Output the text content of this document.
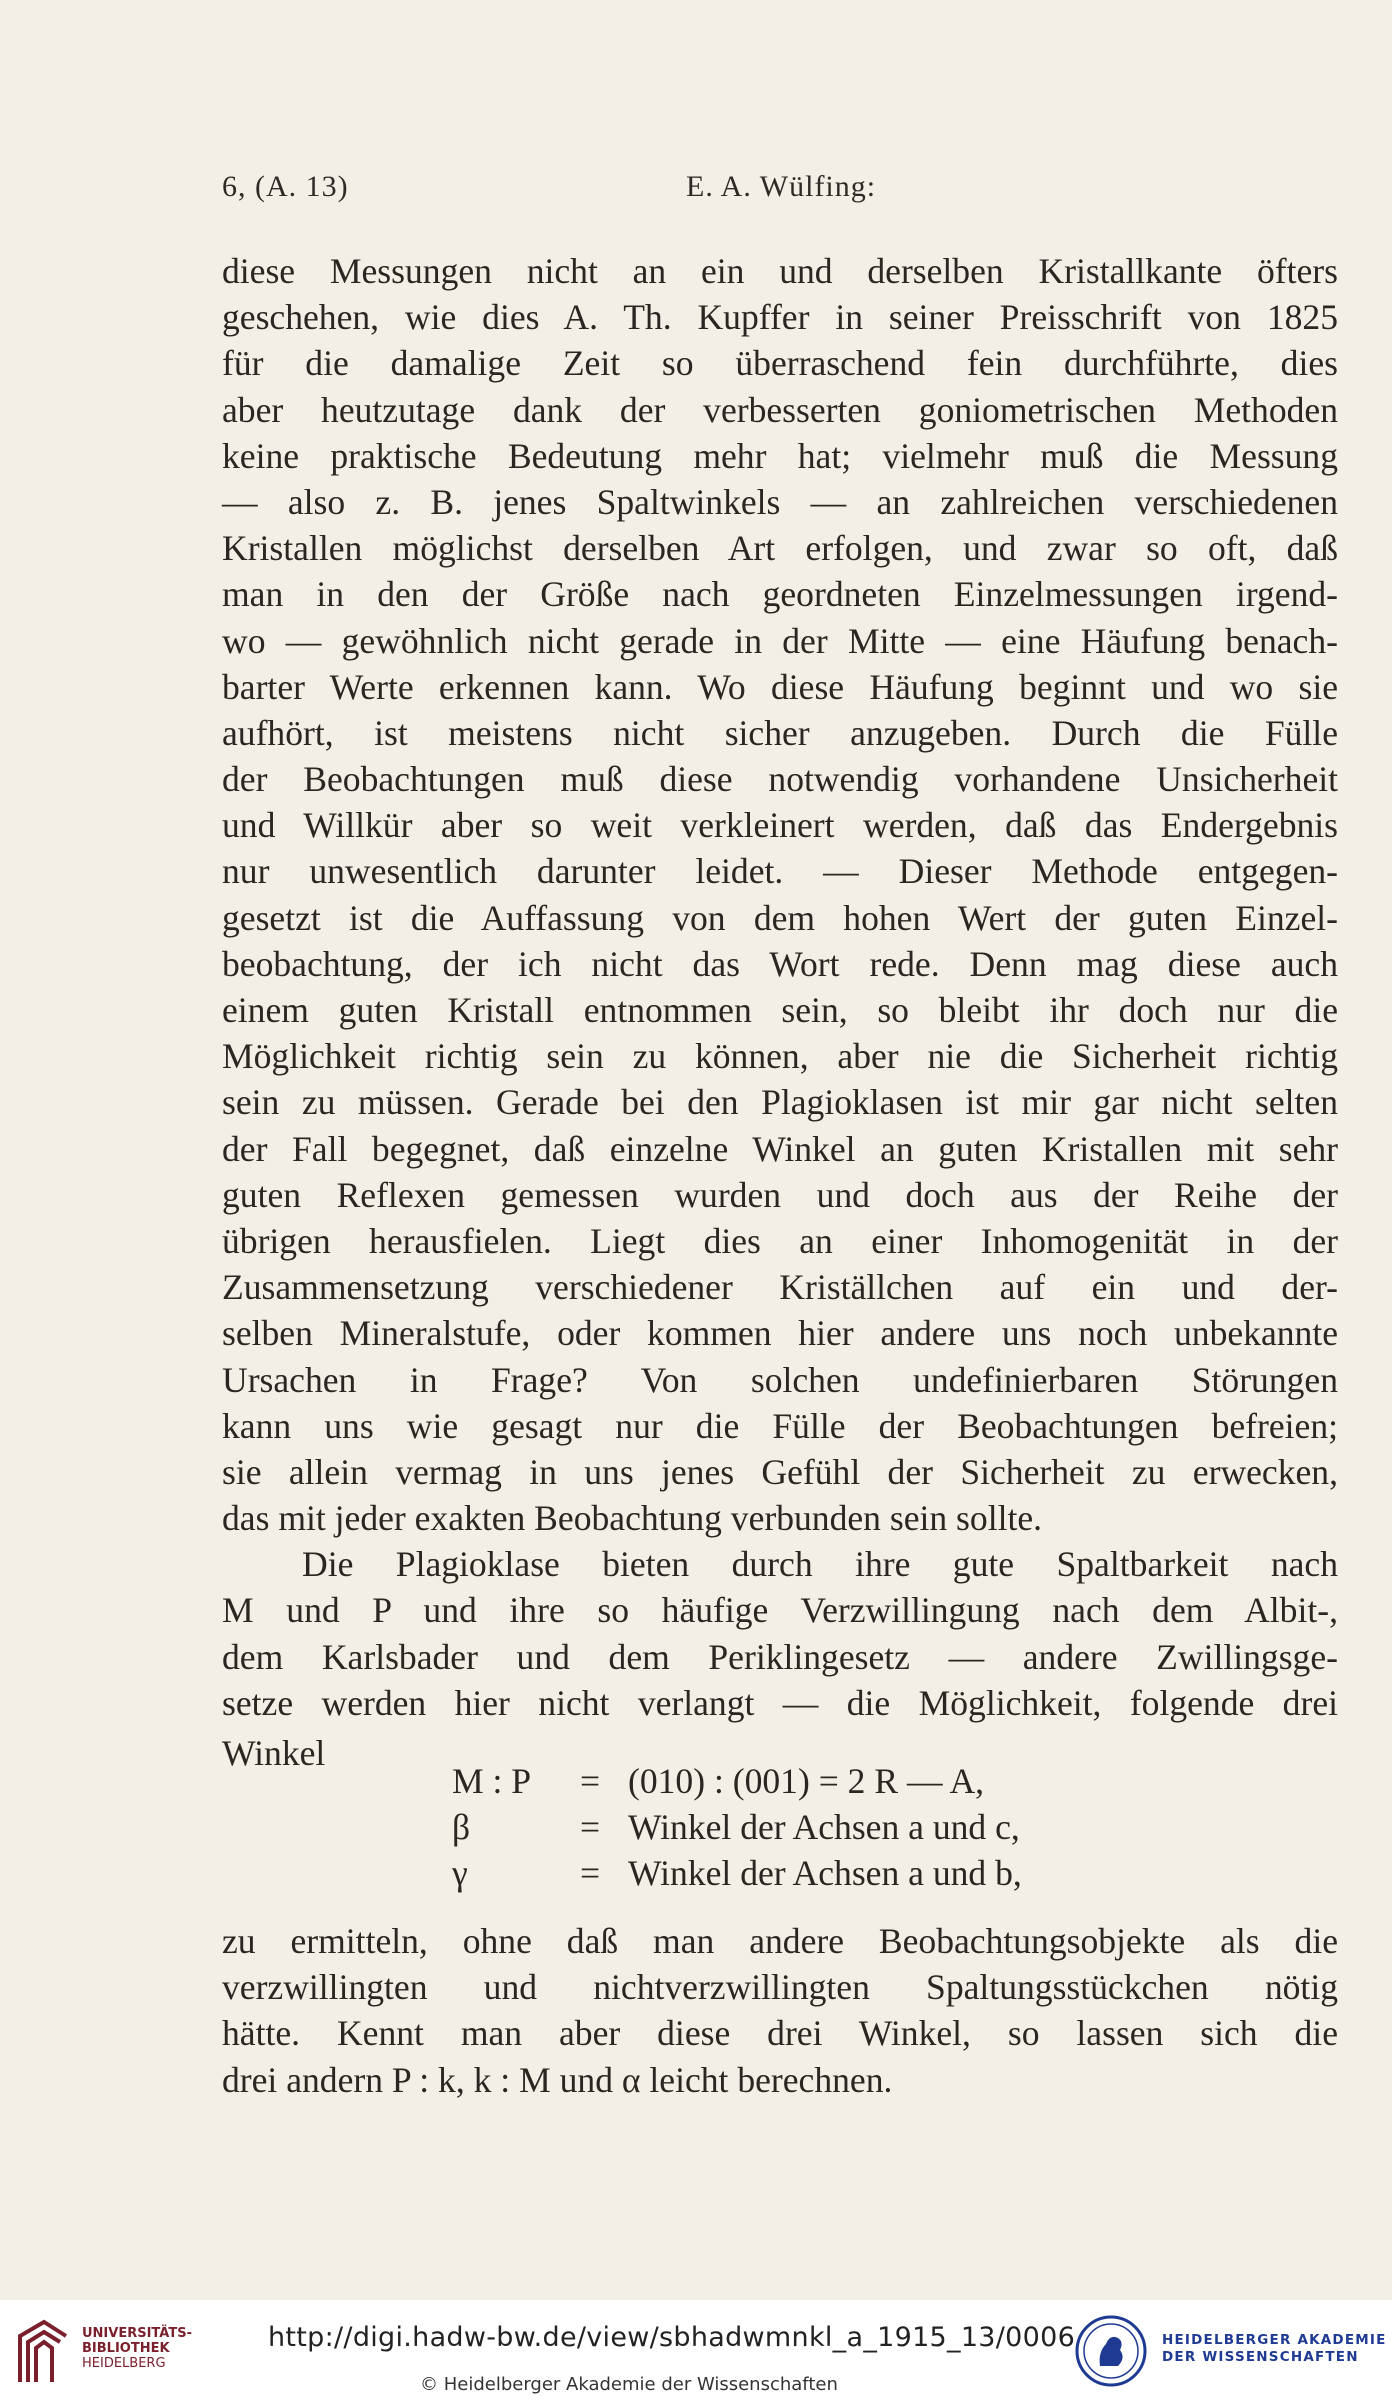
6, (A. 13)	E. A. Wülfing:
diese Messungen nicht an ein und derselben Kristallkante öfters
geschehen, wie dies A. Th. Kupffer in seiner Preisschrift von 1825
für die damalige Zeit so überraschend fein durchführte, dies
aber heutzutage dank der verbesserten goniometrischen Methoden
keine praktische Bedeutung mehr hat; vielmehr muß die Messung
— also z. B. jenes Spaltwinkels — an zahlreichen verschiedenen
Kristallen möglichst derselben Art erfolgen, und zwar so oft, daß
man in den der Größe nach geordneten Einzelmessungen irgend-
wo — gewöhnlich nicht gerade in der Mitte — eine Häufung benach-
barter Werte erkennen kann. Wo diese Häufung beginnt und wo sie
aufhört, ist meistens nicht sicher anzugeben. Durch die Fülle
der Beobachtungen muß diese notwendig vorhandene Unsicherheit
und Willkür aber so weit verkleinert werden, daß das Endergebnis
nur unwesentlich darunter leidet. — Dieser Methode entgegen-
gesetzt ist die Auffassung von dem hohen Wert der guten Einzel-
beobachtung, der ich nicht das Wort rede. Denn mag diese auch
einem guten Kristall entnommen sein, so bleibt ihr doch nur die
Möglichkeit richtig sein zu können, aber nie die Sicherheit richtig
sein zu müssen. Gerade bei den Plagioklasen ist mir gar nicht selten
der Fall begegnet, daß einzelne Winkel an guten Kristallen mit sehr
guten Reflexen gemessen wurden und doch aus der Reihe der
übrigen herausfielen. Liegt dies an einer Inhomogenität in der
Zusammensetzung verschiedener Kriställchen auf ein und der-
selben Mineralstufe, oder kommen hier andere uns noch unbekannte
Ursachen in Frage? Von solchen undefinierbaren Störungen
kann uns wie gesagt nur die Fülle der Beobachtungen befreien;
sie allein vermag in uns jenes Gefühl der Sicherheit zu erwecken,
das mit jeder exakten Beobachtung verbunden sein sollte.
Die Plagioklase bieten durch ihre gute Spaltbarkeit nach
M und P und ihre so häufige Verzwillingung nach dem Albit-,
dem Karlsbader und dem Periklingesetz — andere Zwillingsge-
setze werden hier nicht verlangt — die Möglichkeit, folgende drei
Winkel
M : P	= (010) : (001) = 2 R — A,
β	= Winkel der Achsen a und c,
γ	= Winkel der Achsen a und b,
zu ermitteln, ohne daß man andere Beobachtungsobjekte als die
verzwillingten und nichtverzwillingten Spaltungsstückchen nötig
hätte. Kennt man aber diese drei Winkel, so lassen sich die
drei andern P : k, k : M und α leicht berechnen.
UNIVERSITÄTS-
BIBLIOTHEK
HEIDELBERG
http://digi.hadw-bw.de/view/sbhadwmnkl_a_1915_13/0006
© Heidelberger Akademie der Wissenschaften
HEIDELBERGER AKADEMIE
DER WISSENSCHAFTEN
